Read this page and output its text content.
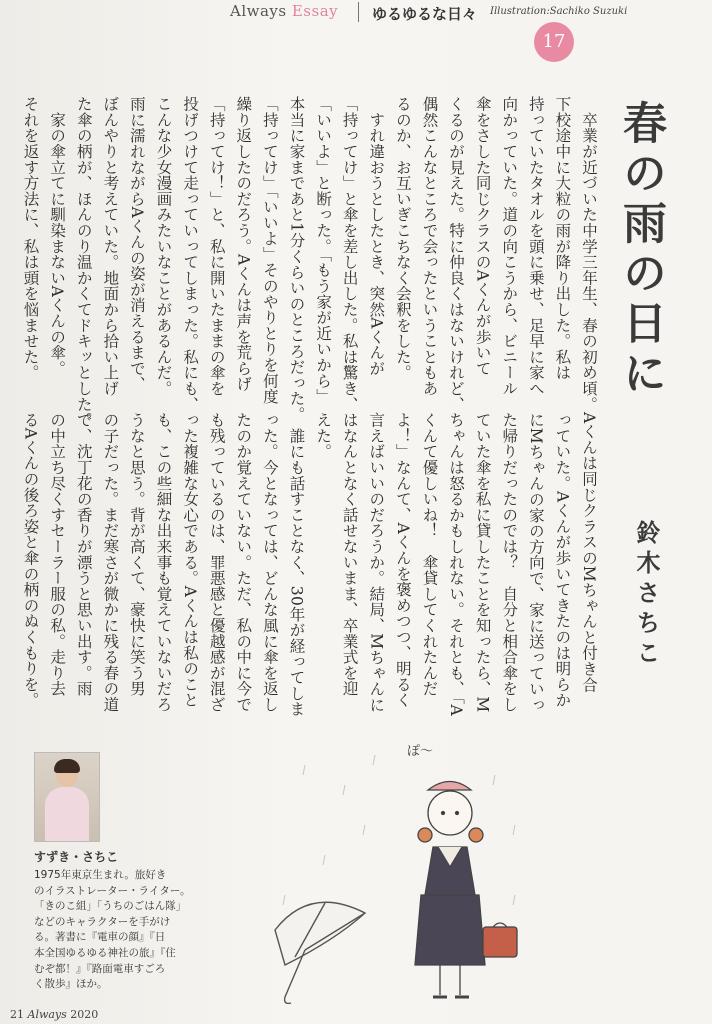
Always Essay ゆるゆるな日々 Illustration:Sachiko Suzuki
17
春の雨の日に
鈴木さちこ

　卒業が近づいた中学三年生、春の初め頃。

下校途中に大粒の雨が降り出した。私は

持っていたタオルを頭に乗せ、足早に家へ

向かっていた。道の向こうから、ビニール

傘をさした同じクラスのAくんが歩いて

くるのが見えた。特に仲良くはないけれど、

偶然こんなところで会ったということもあ

るのか、お互いぎこちなく会釈をした。

　すれ違おうとしたとき、突然Aくんが

「持ってけ」と傘を差し出した。私は驚き、

「いいよ」と断った。「もう家が近いから」

本当に家まであと1分くらいのところだった。

「持ってけ」「いいよ」そのやりとりを何度

繰り返したのだろう。Aくんは声を荒らげ

「持ってけ！」と、私に開いたままの傘を

投げつけて走っていってしまった。私にも、

こんな少女漫画みたいなことがあるんだ。

雨に濡れながらAくんの姿が消えるまで、

ぼんやりと考えていた。地面から拾い上げ

た傘の柄が、ほんのり温かくてドキッとした。

　家の傘立てに馴染まないAくんの傘。

それを返す方法に、私は頭を悩ませた。

Aくんは同じクラスのMちゃんと付き合

っていた。Aくんが歩いてきたのは明らか

にMちゃんの家の方向で、家に送っていっ

た帰りだったのでは？　自分と相合傘をし

ていた傘を私に貸したことを知ったら、M

ちゃんは怒るかもしれない。それとも、「A

くんて優しいね！　傘貸してくれたんだ

よ！」なんて、Aくんを褒めつつ、明るく

言えばいいのだろうか。結局、Mちゃんに

はなんとなく話せないまま、卒業式を迎

えた。

　誰にも話すことなく、30年が経ってしま

った。今となっては、どんな風に傘を返し

たのか覚えていない。ただ、私の中に今で

も残っているのは、罪悪感と優越感が混ざ

った複雑な女心である。Aくんは私のこと

も、この些細な出来事も覚えていないだろ

うなと思う。背が高くて、豪快に笑う男

の子だった。まだ寒さが微かに残る春の道

で、沈丁花の香りが漂うと思い出す。雨

の中立ち尽くすセーラー服の私。走り去

るAくんの後ろ姿と傘の柄のぬくもりを。

すずき・さちこ
1975年東京生まれ。旅好き
のイラストレーター・ライター。
「きのこ組」「うちのごはん隊」
などのキャラクターを手がけ
る。著書に『電車の顔』『日
本全国ゆるゆる神社の旅』『住
むぞ都！』『路面電車すごろ
く散歩』ほか。
ぽ〜
21 Always 2020
